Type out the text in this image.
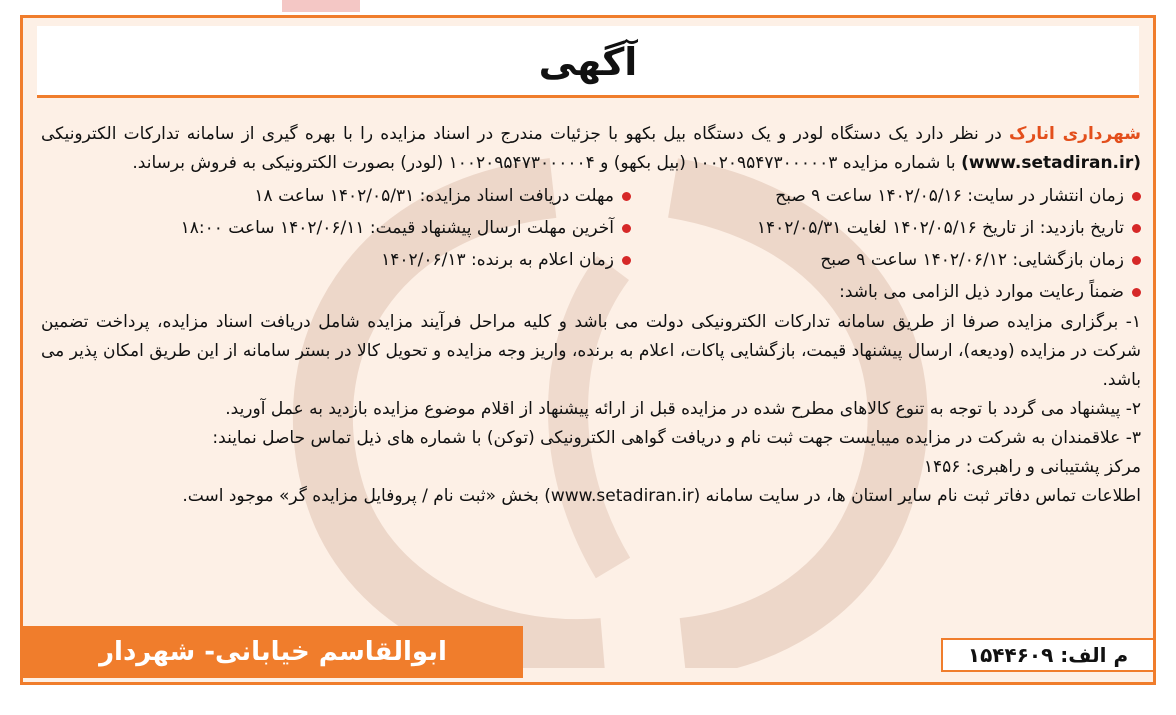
آگهی

شهرداری انارک در نظر دارد یک دستگاه لودر و یک دستگاه بیل بکهو با جزئیات مندرج در اسناد مزایده را با بهره گیری از سامانه تدارکات الکترونیکی (www.setadiran.ir) با شماره مزایده ۱۰۰۲۰۹۵۴۷۳۰۰۰۰۰۳ (بیل بکهو) و ۱۰۰۲۰۹۵۴۷۳۰۰۰۰۰۴ (لودر) بصورت الکترونیکی به فروش برساند.

زمان انتشار در سایت: ۱۴۰۲/۰۵/۱۶ ساعت ۹ صبح
مهلت دریافت اسناد مزایده: ۱۴۰۲/۰۵/۳۱ ساعت ۱۸
تاریخ بازدید: از تاریخ ۱۴۰۲/۰۵/۱۶ لغایت ۱۴۰۲/۰۵/۳۱
آخرین مهلت ارسال پیشنهاد قیمت: ۱۴۰۲/۰۶/۱۱ ساعت ۱۸:۰۰
زمان بازگشایی: ۱۴۰۲/۰۶/۱۲ ساعت ۹ صبح
زمان اعلام به برنده: ۱۴۰۲/۰۶/۱۳
ضمناً رعایت موارد ذیل الزامی می باشد:

۱- برگزاری مزایده صرفا از طریق سامانه تدارکات الکترونیکی دولت می باشد و کلیه مراحل فرآیند مزایده شامل دریافت اسناد مزایده، پرداخت تضمین شرکت در مزایده (ودیعه)، ارسال پیشنهاد قیمت، بازگشایی پاکات، اعلام به برنده، واریز وجه مزایده و تحویل کالا در بستر سامانه از این طریق امکان پذیر می باشد.

۲- پیشنهاد می گردد با توجه به تنوع کالاهای مطرح شده در مزایده قبل از ارائه پیشنهاد از اقلام موضوع مزایده بازدید به عمل آورید.

۳- علاقمندان به شرکت در مزایده میبایست جهت ثبت نام و دریافت گواهی الکترونیکی (توکن) با شماره های ذیل تماس حاصل نمایند:

مرکز پشتیبانی و راهبری: ۱۴۵۶

اطلاعات تماس دفاتر ثبت نام سایر استان ها، در سایت سامانه (www.setadiran.ir) بخش «ثبت نام / پروفایل مزایده گر» موجود است.

ابوالقاسم خیابانی- شهردار	م الف: ۱۵۴۴۶۰۹
